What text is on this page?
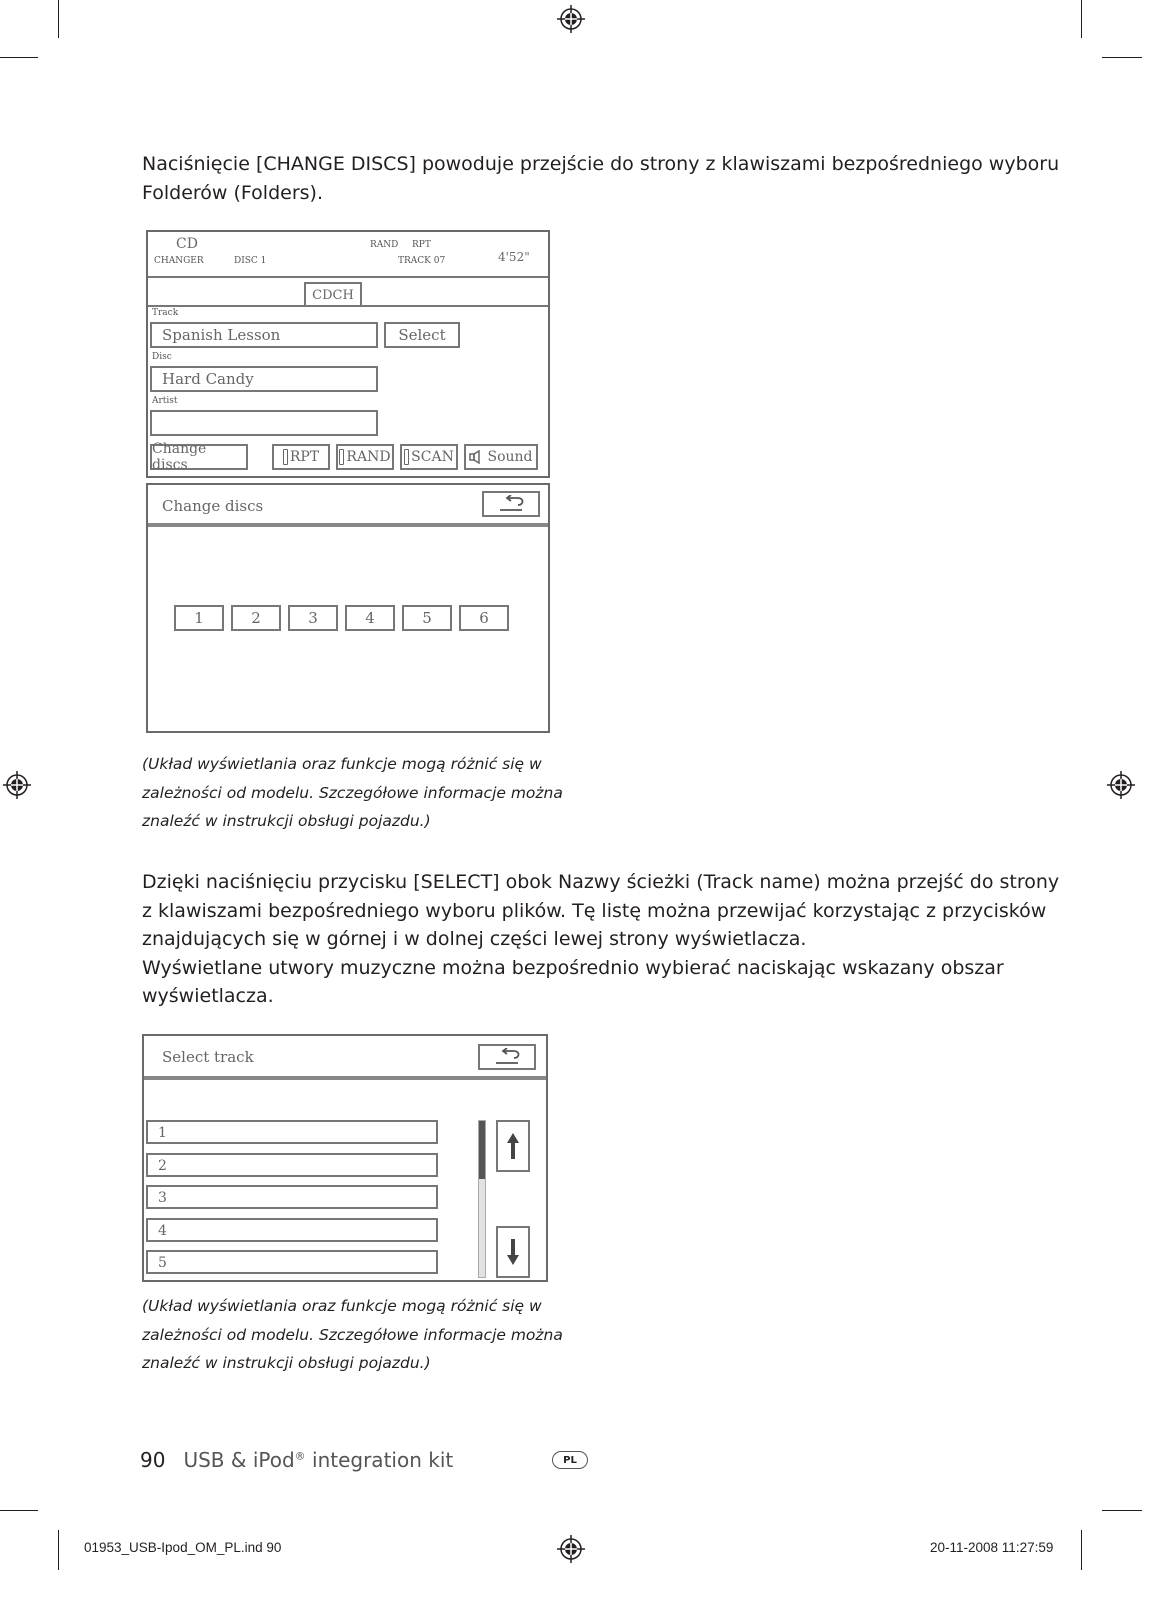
Naciśnięcie [CHANGE DISCS] powoduje przejście do strony z klawiszami bezpośredniego wyboru

Folderów (Folders).

CD
CHANGER	DISC 1
RAND RPT
TRACK 07	4'52"
CDCH
Track
Spanish Lesson	Select
Disc
Hard Candy
Artist
Change discs	RPT RAND SCAN Sound
Change discs
1	2	3	4	5	6

(Układ wyświetlania oraz funkcje mogą różnić się w

zależności od modelu. Szczegółowe informacje można

znaleźć w instrukcji obsługi pojazdu.)

Dzięki naciśnięciu przycisku [SELECT] obok Nazwy ścieżki (Track name) można przejść do strony

z klawiszami bezpośredniego wyboru plików. Tę listę można przewijać korzystając z przycisków

znajdujących się w górnej i w dolnej części lewej strony wyświetlacza.

Wyświetlane utwory muzyczne można bezpośrednio wybierać naciskając wskazany obszar

wyświetlacza.

Select track
1
2
3
4
5

(Układ wyświetlania oraz funkcje mogą różnić się w

zależności od modelu. Szczegółowe informacje można

znaleźć w instrukcji obsługi pojazdu.)

90 USB & iPod® integration kit	PL
01953_USB-Ipod_OM_PL.ind 90	20-11-2008 11:27:59
